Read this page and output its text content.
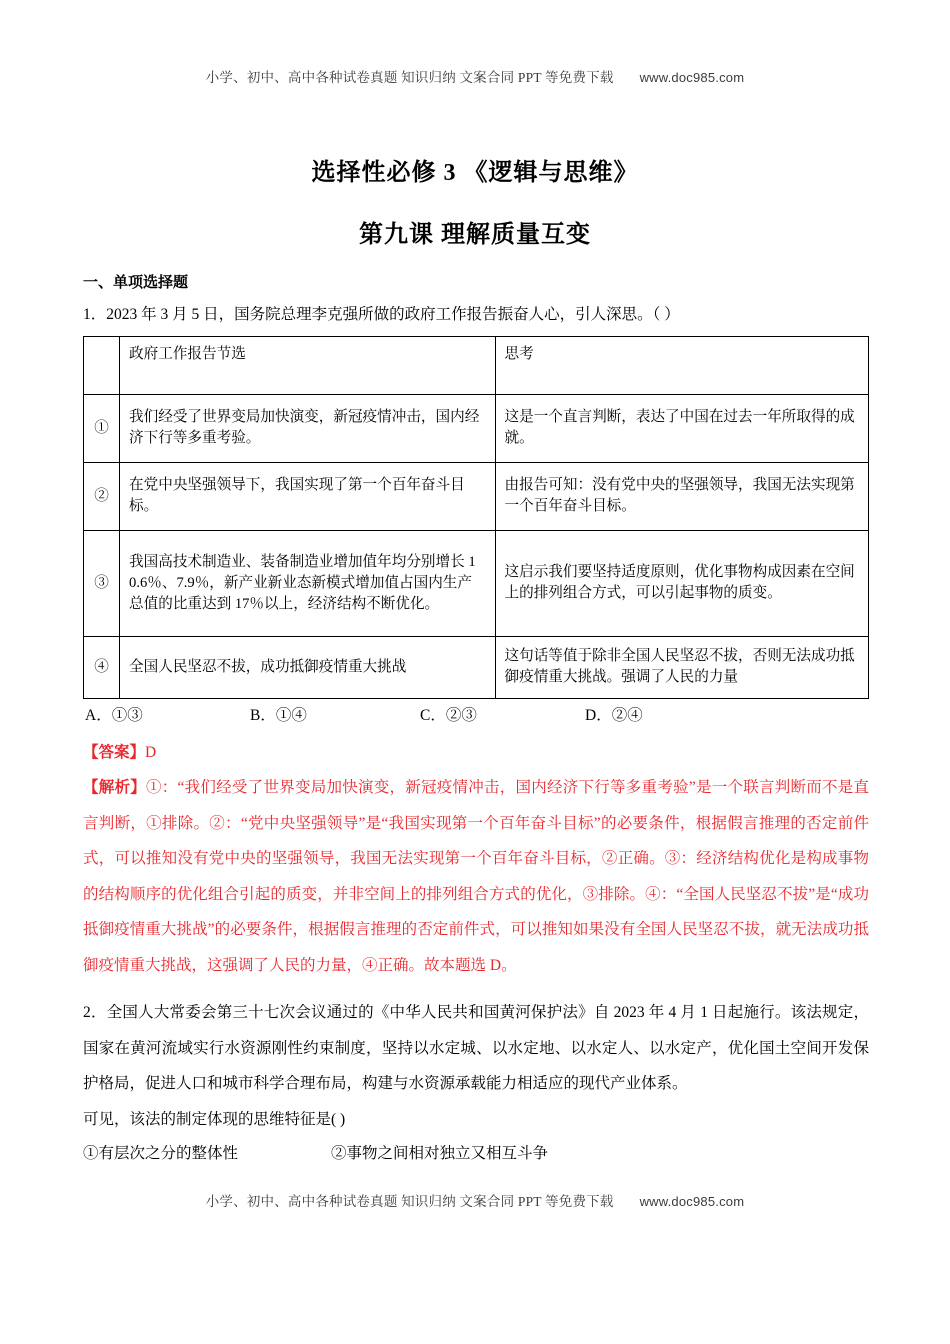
小学、初中、高中各种试卷真题 知识归纳 文案合同 PPT 等免费下载 www.doc985.com
选择性必修 3 《逻辑与思维》
第九课 理解质量互变
一、单项选择题
1．2023 年 3 月 5 日，国务院总理李克强所做的政府工作报告振奋人心，引人深思。（ ）
	政府工作报告节选	思考
①	我们经受了世界变局加快演变，新冠疫情冲击，国内经济下行等多重考验。	这是一个直言判断，表达了中国在过去一年所取得的成就。
②	在党中央坚强领导下，我国实现了第一个百年奋斗目标。	由报告可知：没有党中央的坚强领导，我国无法实现第一个百年奋斗目标。
③	我国高技术制造业、装备制造业增加值年均分别增长 10.6％、7.9％，新产业新业态新模式增加值占国内生产总值的比重达到 17％以上，经济结构不断优化。	这启示我们要坚持适度原则，优化事物构成因素在空间上的排列组合方式，可以引起事物的质变。
④	全国人民坚忍不拔，成功抵御疫情重大挑战	这句话等值于除非全国人民坚忍不拔，否则无法成功抵御疫情重大挑战。强调了人民的力量
A．①③	B．①④	C．②③	D．②④
【答案】D
【解析】①：“我们经受了世界变局加快演变，新冠疫情冲击，国内经济下行等多重考验”是一个联言判断而不是直言判断，①排除。②：“党中央坚强领导”是“我国实现第一个百年奋斗目标”的必要条件，根据假言推理的否定前件式，可以推知没有党中央的坚强领导，我国无法实现第一个百年奋斗目标，②正确。③：经济结构优化是构成事物的结构顺序的优化组合引起的质变，并非空间上的排列组合方式的优化，③排除。④：“全国人民坚忍不拔”是“成功抵御疫情重大挑战”的必要条件，根据假言推理的否定前件式，可以推知如果没有全国人民坚忍不拔，就无法成功抵御疫情重大挑战，这强调了人民的力量，④正确。故本题选 D。
2．全国人大常委会第三十七次会议通过的《中华人民共和国黄河保护法》自 2023 年 4 月 1 日起施行。该法规定，国家在黄河流域实行水资源刚性约束制度，坚持以水定城、以水定地、以水定人、以水定产，优化国土空间开发保护格局，促进人口和城市科学合理布局，构建与水资源承载能力相适应的现代产业体系。
可见，该法的制定体现的思维特征是( )
①有层次之分的整体性	②事物之间相对独立又相互斗争
小学、初中、高中各种试卷真题 知识归纳 文案合同 PPT 等免费下载 www.doc985.com
